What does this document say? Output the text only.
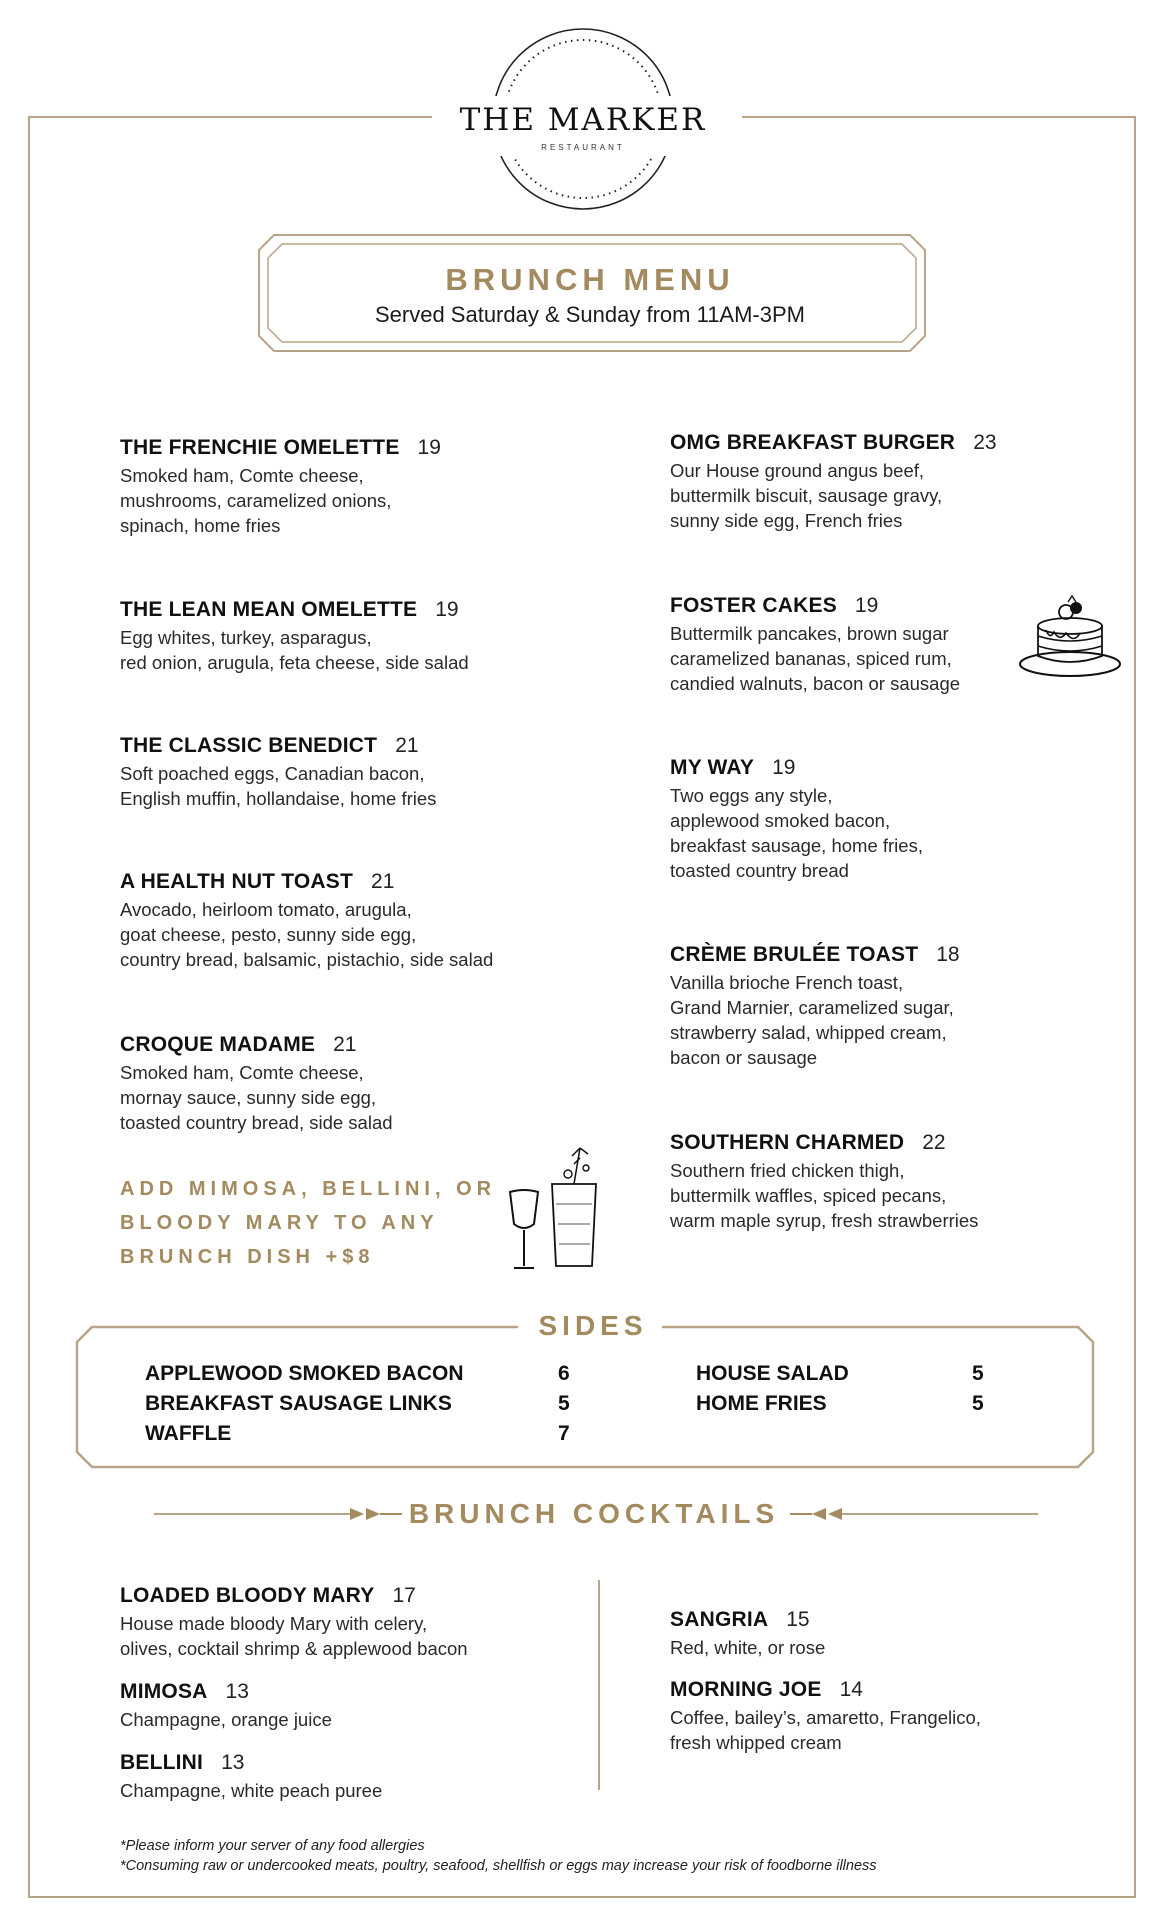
THE MARKER
RESTAURANT
BRUNCH MENU
Served Saturday & Sunday from 11AM-3PM
THE FRENCHIE OMELETTE 19
Smoked ham, Comte cheese,
mushrooms, caramelized onions,
spinach, home fries
THE LEAN MEAN OMELETTE 19
Egg whites, turkey, asparagus,
red onion, arugula, feta cheese, side salad
THE CLASSIC BENEDICT 21
Soft poached eggs, Canadian bacon,
English muffin, hollandaise, home fries
A HEALTH NUT TOAST 21
Avocado, heirloom tomato, arugula,
goat cheese, pesto, sunny side egg,
country bread, balsamic, pistachio, side salad
CROQUE MADAME 21
Smoked ham, Comte cheese,
mornay sauce, sunny side egg,
toasted country bread, side salad
ADD MIMOSA, BELLINI, OR
BLOODY MARY TO ANY
BRUNCH DISH +$8
OMG BREAKFAST BURGER 23
Our House ground angus beef,
buttermilk biscuit, sausage gravy,
sunny side egg, French fries
FOSTER CAKES 19
Buttermilk pancakes, brown sugar
caramelized bananas, spiced rum,
candied walnuts, bacon or sausage
MY WAY 19
Two eggs any style,
applewood smoked bacon,
breakfast sausage, home fries,
toasted country bread
CRÈME BRULÉE TOAST 18
Vanilla brioche French toast,
Grand Marnier, caramelized sugar,
strawberry salad, whipped cream,
bacon or sausage
SOUTHERN CHARMED 22
Southern fried chicken thigh,
buttermilk waffles, spiced pecans,
warm maple syrup, fresh strawberries
SIDES
APPLEWOOD SMOKED BACON	6
BREAKFAST SAUSAGE LINKS	5
WAFFLE	7
HOUSE SALAD	5
HOME FRIES	5
BRUNCH COCKTAILS
LOADED BLOODY MARY 17
House made bloody Mary with celery,
olives, cocktail shrimp & applewood bacon
MIMOSA 13
Champagne, orange juice
BELLINI 13
Champagne, white peach puree
SANGRIA 15
Red, white, or rose
MORNING JOE 14
Coffee, bailey’s, amaretto, Frangelico,
fresh whipped cream
*Please inform your server of any food allergies
*Consuming raw or undercooked meats, poultry, seafood, shellfish or eggs may increase your risk of foodborne illness
